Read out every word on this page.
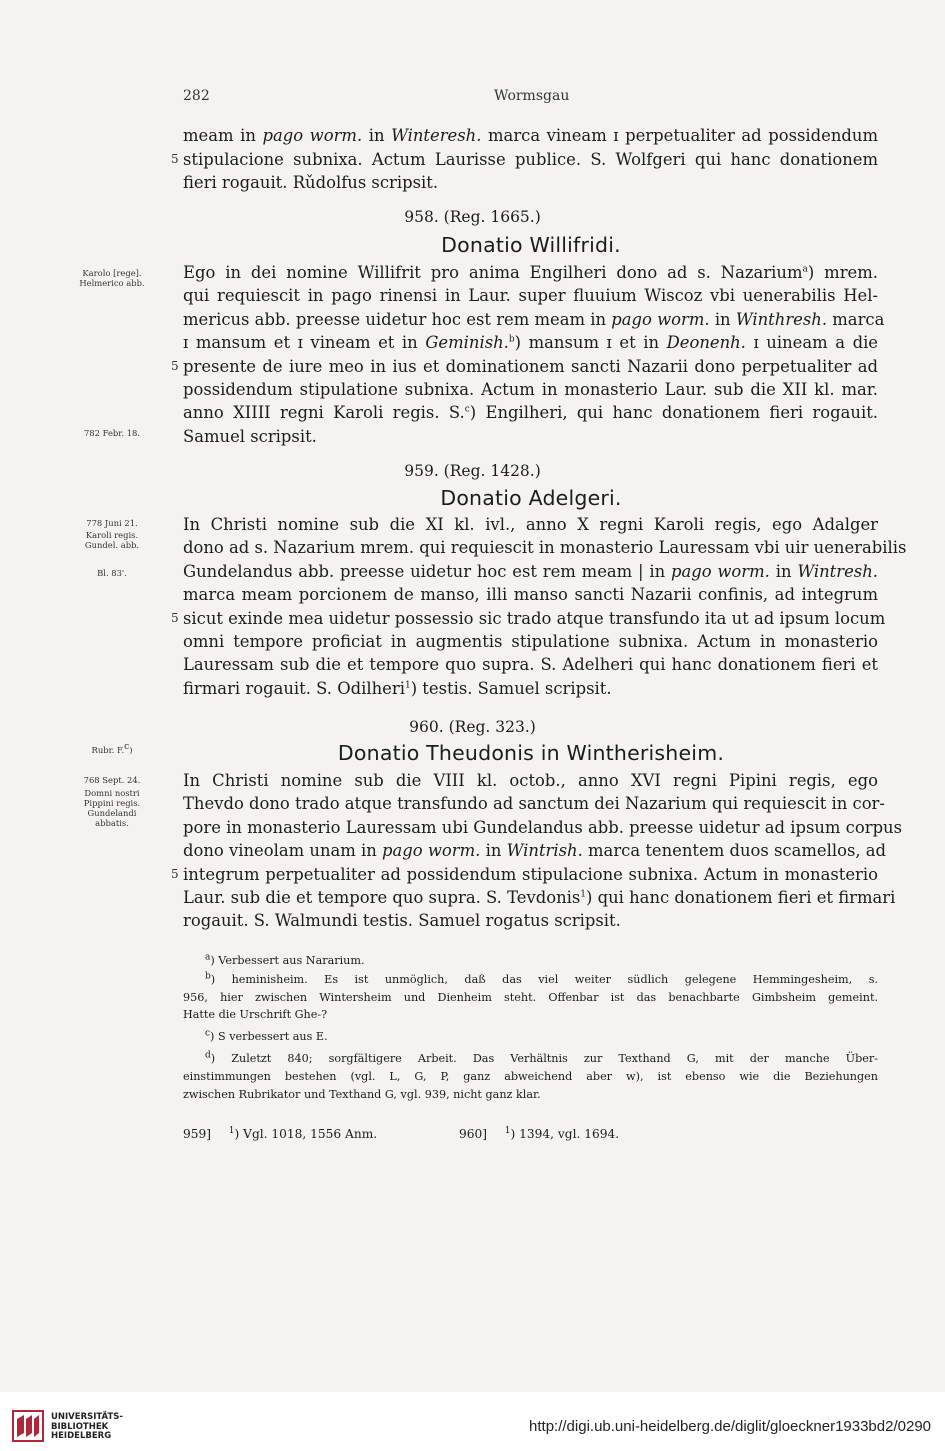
282	Wormsgau
meam in pago worm. in Winteresh. marca vineam ɪ perpetualiter ad possidendum
stipulacione subnixa. Actum Laurisse publice. S. Wolfgeri qui hanc donationem
fieri rogauit. Rǔdolfus scripsit.
5
958. (Reg. 1665.)
Donatio Willifridi.
Ego in dei nomine Willifrit pro anima Engilheri dono ad s. Nazarium$^a$) mrem.
qui requiescit in pago rinensi in Laur. super fluuium Wiscoz vbi uenerabilis Hel-
mericus abb. preesse uidetur hoc est rem meam in pago worm. in Winthresh. marca
ɪ mansum et ɪ vineam et in Geminish.$^b$) mansum ɪ et in Deonenh. ɪ uineam a die
presente de iure meo in ius et dominationem sancti Nazarii dono perpetualiter ad
possidendum stipulatione subnixa. Actum in monasterio Laur. sub die XII kl. mar.
anno XIIII regni Karoli regis. S.$^c$) Engilheri, qui hanc donationem fieri rogauit.
Samuel scripsit.
5
Karolo [rege].
Helmerico abb.
782 Febr. 18.
959. (Reg. 1428.)
Donatio Adelgeri.
In Christi nomine sub die XI kl. ivl., anno X regni Karoli regis, ego Adalger
dono ad s. Nazarium mrem. qui requiescit in monasterio Lauressam vbi uir uenerabilis
Gundelandus abb. preesse uidetur hoc est rem meam | in pago worm. in Wintresh.
marca meam porcionem de manso, illi manso sancti Nazarii confinis, ad integrum
sicut exinde mea uidetur possessio sic trado atque transfundo ita ut ad ipsum locum
omni tempore proficiat in augmentis stipulatione subnixa. Actum in monasterio
Lauressam sub die et tempore quo supra. S. Adelheri qui hanc donationem fieri et
firmari rogauit. S. Odilheri$^1$) testis. Samuel scripsit.
5
Karoli regis.
Gundel. abb.
778 Juni 21.
Bl. 83'.
960. (Reg. 323.)
Donatio Theudonis in Wintherisheim.
In Christi nomine sub die VIII kl. octob., anno XVI regni Pipini regis, ego
Thevdo dono trado atque transfundo ad sanctum dei Nazarium qui requiescit in cor-
pore in monasterio Lauressam ubi Gundelandus abb. preesse uidetur ad ipsum corpus
dono vineolam unam in pago worm. in Wintrish. marca tenentem duos scamellos, ad
integrum perpetualiter ad possidendum stipulacione subnixa. Actum in monasterio
Laur. sub die et tempore quo supra. S. Tevdonis$^1$) qui hanc donationem fieri et firmari
rogauit. S. Walmundi testis. Samuel rogatus scripsit.
5
Domni nostri
Pippini regis.
Gundelandi
abbatis.
768 Sept. 24.
Rubr. F.$^c$)
$^a$) Verbessert aus Nararium.
$^b$) heminisheim. Es ist unmöglich, daß das viel weiter südlich gelegene Hemmingesheim, s.
956, hier zwischen Wintersheim und Dienheim steht. Offenbar ist das benachbarte Gimbsheim gemeint.
Hatte die Urschrift Ghe-?
$^c$) S verbessert aus E.
$^d$) Zuletzt 840; sorgfältigere Arbeit. Das Verhältnis zur Texthand G, mit der manche Über-
einstimmungen bestehen (vgl. L, G, P, ganz abweichend aber w), ist ebenso wie die Beziehungen
zwischen Rubrikator und Texthand G, vgl. 939, nicht ganz klar.
959] $^1$) Vgl. 1018, 1556 Anm.	960] $^1$) 1394, vgl. 1694.
UNIVERSITÄTS-
BIBLIOTHEK
HEIDELBERG
http://digi.ub.uni-heidelberg.de/diglit/gloeckner1933bd2/0290
